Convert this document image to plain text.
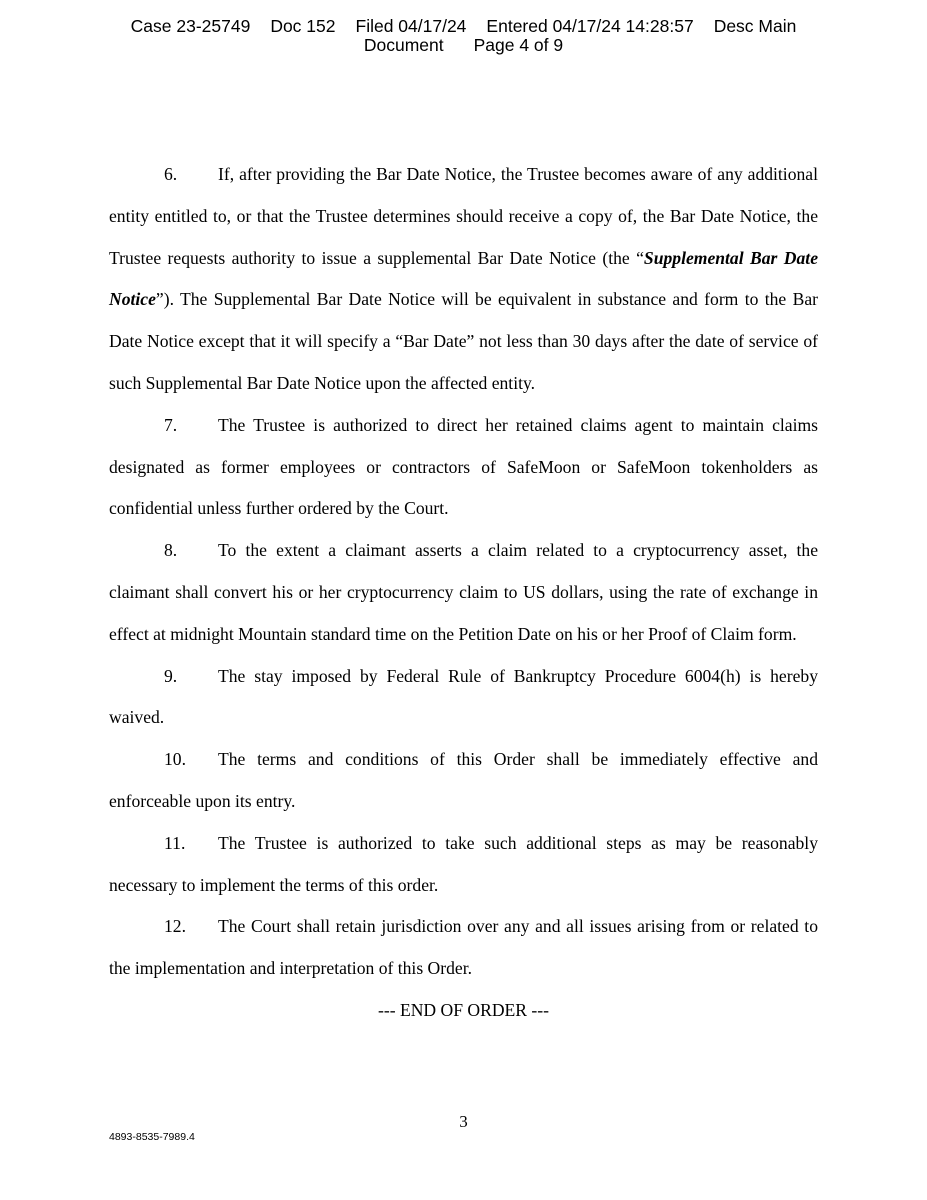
Case 23-25749 Doc 152 Filed 04/17/24 Entered 04/17/24 14:28:57 Desc Main
Document Page 4 of 9

6. If, after providing the Bar Date Notice, the Trustee becomes aware of any additional entity entitled to, or that the Trustee determines should receive a copy of, the Bar Date Notice, the Trustee requests authority to issue a supplemental Bar Date Notice (the “Supplemental Bar Date Notice”). The Supplemental Bar Date Notice will be equivalent in substance and form to the Bar Date Notice except that it will specify a “Bar Date” not less than 30 days after the date of service of such Supplemental Bar Date Notice upon the affected entity.

7. The Trustee is authorized to direct her retained claims agent to maintain claims designated as former employees or contractors of SafeMoon or SafeMoon tokenholders as confidential unless further ordered by the Court.

8. To the extent a claimant asserts a claim related to a cryptocurrency asset, the claimant shall convert his or her cryptocurrency claim to US dollars, using the rate of exchange in effect at midnight Mountain standard time on the Petition Date on his or her Proof of Claim form.

9. The stay imposed by Federal Rule of Bankruptcy Procedure 6004(h) is hereby waived.

10. The terms and conditions of this Order shall be immediately effective and enforceable upon its entry.

11. The Trustee is authorized to take such additional steps as may be reasonably necessary to implement the terms of this order.

12. The Court shall retain jurisdiction over any and all issues arising from or related to the implementation and interpretation of this Order.

--- END OF ORDER ---

3
4893-8535-7989.4
